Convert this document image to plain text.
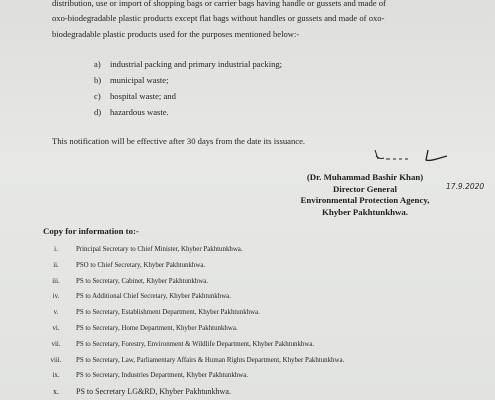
distribution, use or import of shopping bags or carrier bags having handle or gussets and made of
oxo-biodegradable plastic products except flat bags without handles or gussets and made of oxo-
biodegradable plastic products used for the purposes mentioned below:-
a) industrial packing and primary industrial packing;
b) municipal waste;
c) hospital waste; and
d) hazardous waste.
This notification will be effective after 30 days from the date its issuance.
(Dr. Muhammad Bashir Khan)
Director General
Environmental Protection Agency,
Khyber Pakhtunkhwa.
17.9.2020
Copy for information to:-
i.	Principal Secretary to Chief Minister, Khyber Pakhtunkhwa.
ii. PSO to Chief Secretary, Khyber Pakhtunkhwa.
iii. PS to Secretary, Cabinet, Khyber Pakhtunkhwa.
iv. PS to Additional Chief Secretary, Khyber Pakhtunkhwa.
v.	PS to Secretary, Establishment Department, Khyber Pakhtunkhwa.
vi. PS to Secretary, Home Department, Khyber Pakhtunkhwa.
vii. PS to Secretary, Forestry, Environment & Wildlife Department, Khyber Pakhtunkhwa.
viii. PS to Secretary, Law, Parliamentary Affairs & Human Rights Department, Khyber Pakhtunkhwa.
ix. PS to Secretary, Industries Department, Khyber Pakhtunkhwa.
x. PS to Secretary LG&RD, Khyber Pakhtunkhwa.
